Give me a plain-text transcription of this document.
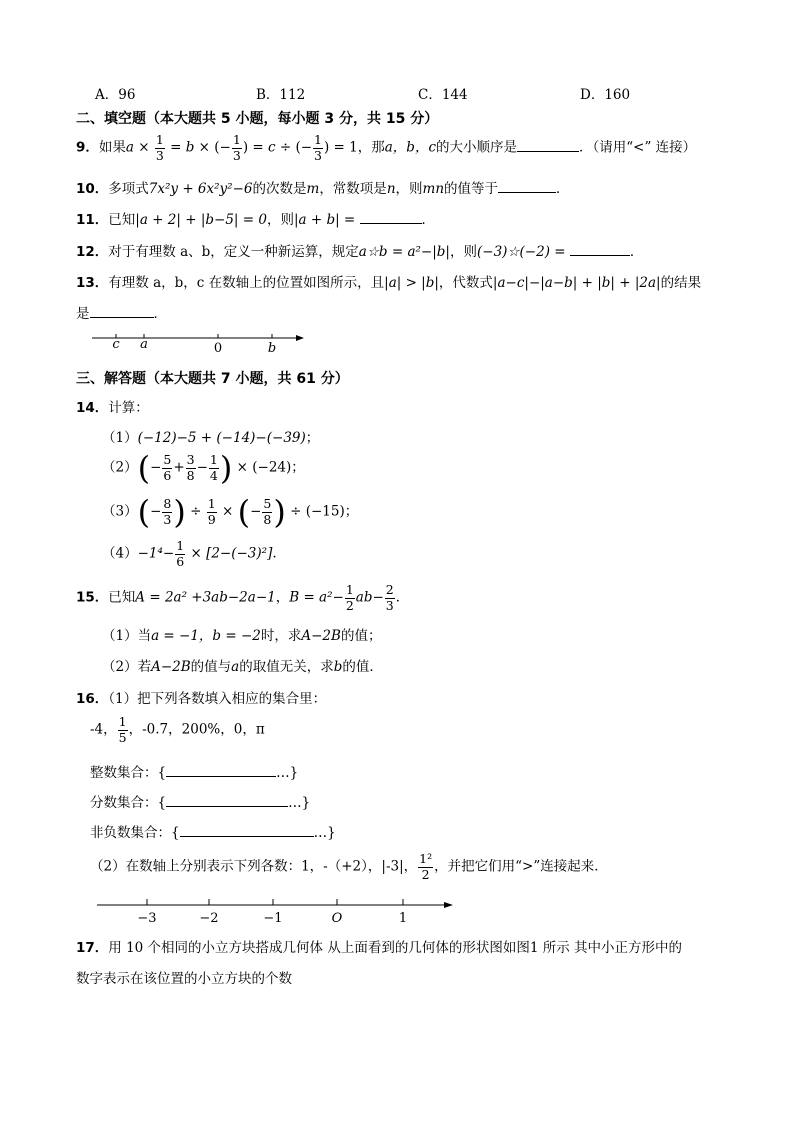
A．96	B．112	C．144	D．160
二、填空题（本大题共 5 小题，每小题 3 分，共 15 分）
9．如果$a \times \frac{1}{3} = b$ × (− $\frac{1}{3}$ ) = c ÷ (− $\frac{1}{3}$ ) = 1，那a，b，c的大小顺序是	．（请用“<” 连接）
10．多项式7x²y + 6x²y²−6的次数是m，常数项是n，则mn的值等于	．
11．已知|a + 2| + |b−5| = 0，则|a + b| =	．
12．对于有理数 a、b，定义一种新运算，规定a☆b = a²−|b|，则(−3)☆(−2) =	．
13．有理数 a，b，c 在数轴上的位置如图所示，且|a| > |b|，代数式|a−c|−|a−b| + |b| + |2a|的结果
是	．
c a	0	b
三、解答题（本大题共 7 小题，共 61 分）
14．计算：
（1）(−12)−5 + (−14)−(−39)；
$(2)(- \frac{5}{6} + \frac{3}{8} - \frac{1}{4}$ ) × (−24)；
$(3)(- \frac{8}{3}$ ) ÷ $\frac{1}{9}$ × (− $\frac{5}{8}$ ) ÷ (−15)；
$(4)-1^4- \frac{1}{6} \times [2-(-3)^2]$.
15．已知A = 2a² +3ab−2a−1，$B = a^2- \frac{1}{2} ab- \frac{2}{3}$ ．
（1）当a = −1，b = −2时，求A−2B的值；
（2）若A−2B的值与a的取值无关，求b的值．
16．（1）把下列各数填入相应的集合里：
-4， $\frac{1}{5}$ ，-0.7，200%，0，π
整数集合：{	…}
分数集合：{	…}
非负数集合：{	…}
（2）在数轴上分别表示下列各数：1，-（+2），|-3|， $\frac{\text{1²}}{2}$ ，并把它们用“>”连接起来．
−3	−2	−1	O	1
17．用 10 个相同的小立方块搭成几何体 从上面看到的几何体的形状图如图1 所示 其中小正方形中的
数字表示在该位置的小立方块的个数
